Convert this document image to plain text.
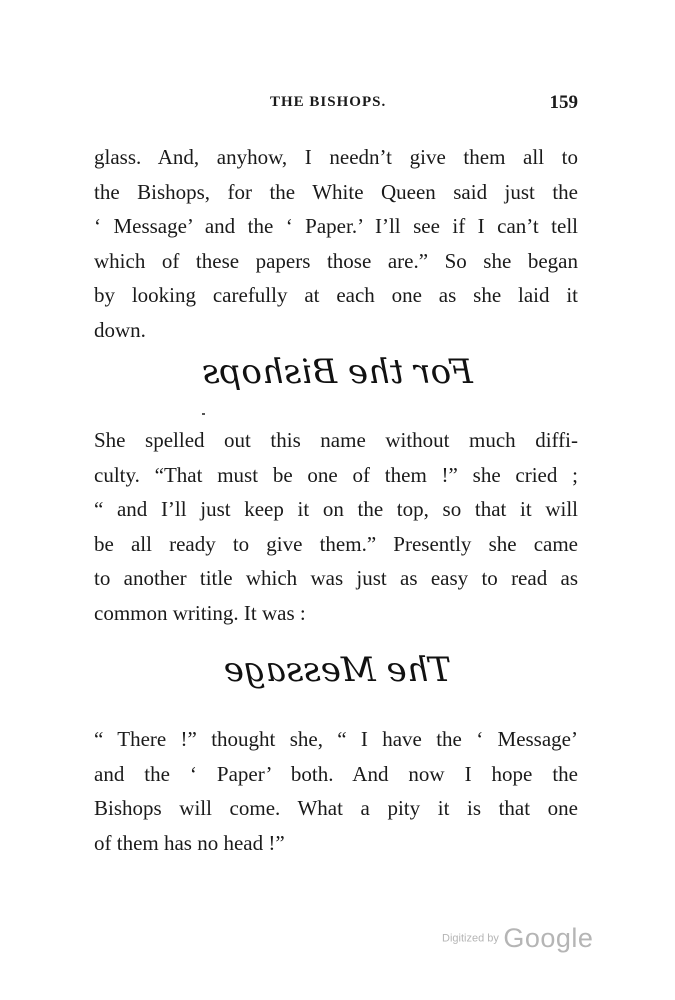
THE BISHOPS.	159

glass. And, anyhow, I needn’t give them all to
the Bishops, for the White Queen said just the
‘ Message’ and the ‘ Paper.’ I’ll see if I can’t tell
which of these papers those are.” So she began
by looking carefully at each one as she laid it
down.

For the Bishops

She spelled out this name without much diffi-
culty. “That must be one of them !” she cried ;
“ and I’ll just keep it on the top, so that it will
be all ready to give them.” Presently she came
to another title which was just as easy to read as
common writing. It was :

The Message

“ There !” thought she, “ I have the ‘ Message’
and the ‘ Paper’ both. And now I hope the
Bishops will come. What a pity it is that one
of them has no head !”

Digitized by Google
